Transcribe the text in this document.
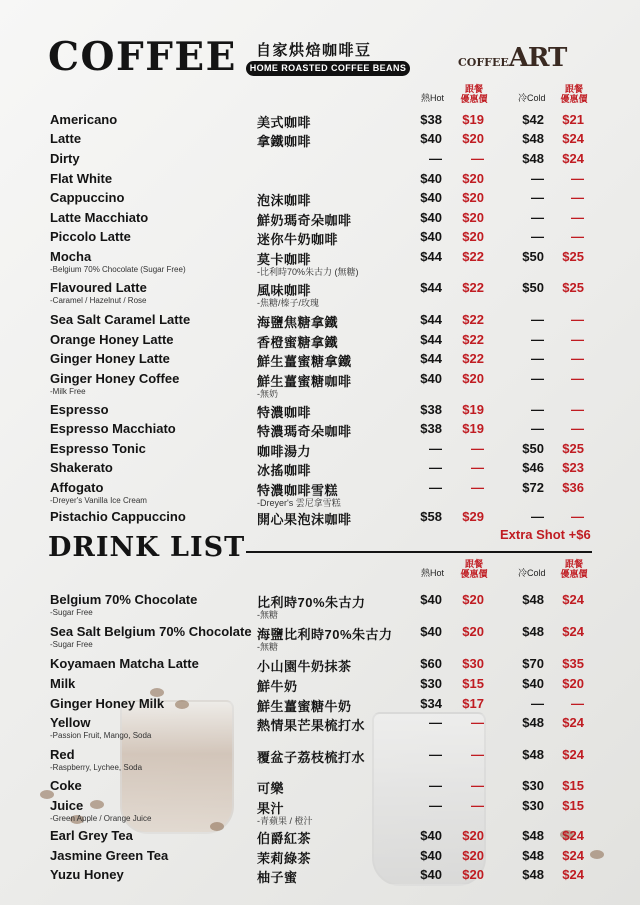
COFFEE 自家烘焙咖啡豆
HOME ROASTED COFFEE BEANS	COFFEEART
熱Hot
跟餐
優惠價	冷Cold
跟餐
優惠價
Americano	美式咖啡	$38	$19	$42	$21
Latte	拿鐵咖啡	$40	$20	$48	$24
Dirty	—	—	$48	$24
Flat White	$40	$20	—	—
Cappuccino	泡沫咖啡	$40	$20	—	—
Latte Macchiato	鮮奶瑪奇朵咖啡	$40	$20	—	—
Piccolo Latte	迷你牛奶咖啡	$40	$20	—	—
Mocha	莫卡咖啡
-Belgium 70% Chocolate (Sugar Free)	-比利時70%朱古力 (無糖)
$44	$22	$50	$25
Flavoured Latte	風味咖啡
-Caramel / Hazelnut / Rose	-焦糖/榛子/玫瑰
$44	$22	$50	$25
Sea Salt Caramel Latte	海鹽焦糖拿鐵	$44	$22	—	—
Orange Honey Latte	香橙蜜糖拿鐵	$44	$22	—	—
Ginger Honey Latte	鮮生薑蜜糖拿鐵	$44	$22	—	—
Ginger Honey Coffee	鮮生薑蜜糖咖啡
-Milk Free	-無奶
$40	$20	—	—
Espresso	特濃咖啡	$38	$19	—	—
Espresso Macchiato	特濃瑪奇朵咖啡	$38	$19	—	—
Espresso Tonic	咖啡湯力	—	—	$50	$25
Shakerato	冰搖咖啡	—	—	$46	$23
Affogato	特濃咖啡雪糕
-Dreyer's Vanilla Ice Cream	-Dreyer's 雲尼拿雪糕
—	—	$72	$36
Pistachio Cappuccino	開心果泡沫咖啡	$58	$29	—	—
Extra Shot +$6
DRINK LIST
熱Hot
跟餐
優惠價	冷Cold
跟餐
優惠價
Belgium 70% Chocolate	比利時70%朱古力
-Sugar Free	-無糖
$40	$20	$48	$24
Sea Salt Belgium 70% Chocolate 海鹽比利時70%朱古力
-Sugar Free	-無糖
$40	$20	$48	$24
Koyamaen Matcha Latte	小山園牛奶抹茶	$60	$30	$70	$35
Milk	鮮牛奶	$30	$15	$40	$20
Ginger Honey Milk	鮮生薑蜜糖牛奶	$34	$17	—	—
Yellow	熱情果芒果梳打水
-Passion Fruit, Mango, Soda
—	—	$48	$24
Red	覆盆子荔枝梳打水
-Raspberry, Lychee, Soda
—	—	$48	$24
Coke	可樂	—	—	$30	$15
Juice	果汁
-Green Apple / Orange Juice	-青蘋果 / 橙汁
—	—	$30	$15
Earl Grey Tea	伯爵紅茶	$40	$20	$48	$24
Jasmine Green Tea	茉莉綠茶	$40	$20	$48	$24
Yuzu Honey	柚子蜜	$40	$20	$48	$24
